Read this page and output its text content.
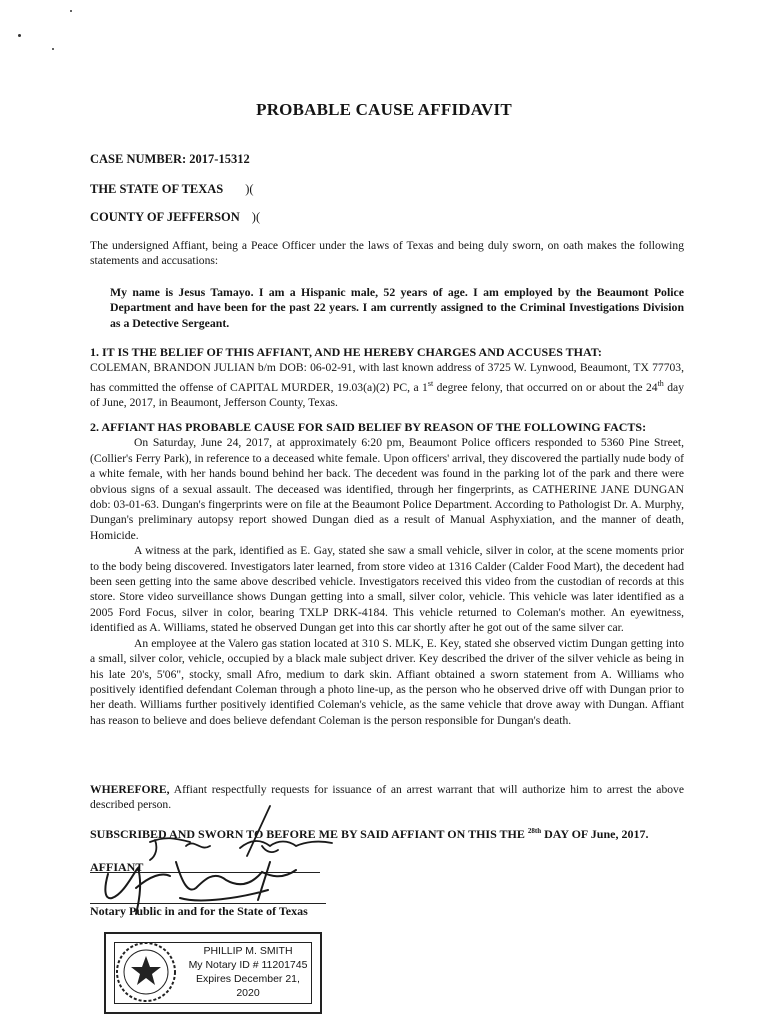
PROBABLE CAUSE AFFIDAVIT
CASE NUMBER: 2017-15312
THE STATE OF TEXAS )(
COUNTY OF JEFFERSON )(
The undersigned Affiant, being a Peace Officer under the laws of Texas and being duly sworn, on oath makes the following statements and accusations:
My name is Jesus Tamayo. I am a Hispanic male, 52 years of age. I am employed by the Beaumont Police Department and have been for the past 22 years. I am currently assigned to the Criminal Investigations Division as a Detective Sergeant.
1. IT IS THE BELIEF OF THIS AFFIANT, AND HE HEREBY CHARGES AND ACCUSES THAT:
COLEMAN, BRANDON JULIAN b/m DOB: 06-02-91, with last known address of 3725 W. Lynwood, Beaumont, TX 77703, has committed the offense of CAPITAL MURDER, 19.03(a)(2) PC, a 1st degree felony, that occurred on or about the 24th day of June, 2017, in Beaumont, Jefferson County, Texas.
2. AFFIANT HAS PROBABLE CAUSE FOR SAID BELIEF BY REASON OF THE FOLLOWING FACTS:
On Saturday, June 24, 2017, at approximately 6:20 pm, Beaumont Police officers responded to 5360 Pine Street, (Collier's Ferry Park), in reference to a deceased white female. Upon officers' arrival, they discovered the partially nude body of a white female, with her hands bound behind her back. The decedent was found in the parking lot of the park and there were obvious signs of a sexual assault. The deceased was identified, through her fingerprints, as CATHERINE JANE DUNGAN dob: 03-01-63. Dungan's fingerprints were on file at the Beaumont Police Department. According to Pathologist Dr. A. Murphy, Dungan's preliminary autopsy report showed Dungan died as a result of Manual Asphyxiation, and the manner of death, Homicide.
A witness at the park, identified as E. Gay, stated she saw a small vehicle, silver in color, at the scene moments prior to the body being discovered. Investigators later learned, from store video at 1316 Calder (Calder Food Mart), the decedent had been seen getting into the same above described vehicle. Investigators received this video from the custodian of records at this store. Store video surveillance shows Dungan getting into a small, silver color, vehicle. This vehicle was later identified as a 2005 Ford Focus, silver in color, bearing TXLP DRK-4184. This vehicle returned to Coleman's mother. An eyewitness, identified as A. Williams, stated he observed Dungan get into this car shortly after he got out of the same silver car.
An employee at the Valero gas station located at 310 S. MLK, E. Key, stated she observed victim Dungan getting into a small, silver color, vehicle, occupied by a black male subject driver. Key described the driver of the silver vehicle as being in his late 20's, 5'06", stocky, small Afro, medium to dark skin. Affiant obtained a sworn statement from A. Williams who positively identified defendant Coleman through a photo line-up, as the person who he observed drive off with Dungan prior to her death. Williams further positively identified Coleman's vehicle, as the same vehicle that drove away with Dungan. Affiant has reason to believe and does believe defendant Coleman is the person responsible for Dungan's death.
WHEREFORE, Affiant respectfully requests for issuance of an arrest warrant that will authorize him to arrest the above described person.
SUBSCRIBED AND SWORN TO BEFORE ME BY SAID AFFIANT ON THIS THE $^{28th}$ DAY OF June, 2017.
AFFIANT
Notary Public in and for the State of Texas
PHILLIP M. SMITH
My Notary ID # 11201745
Expires December 21, 2020
